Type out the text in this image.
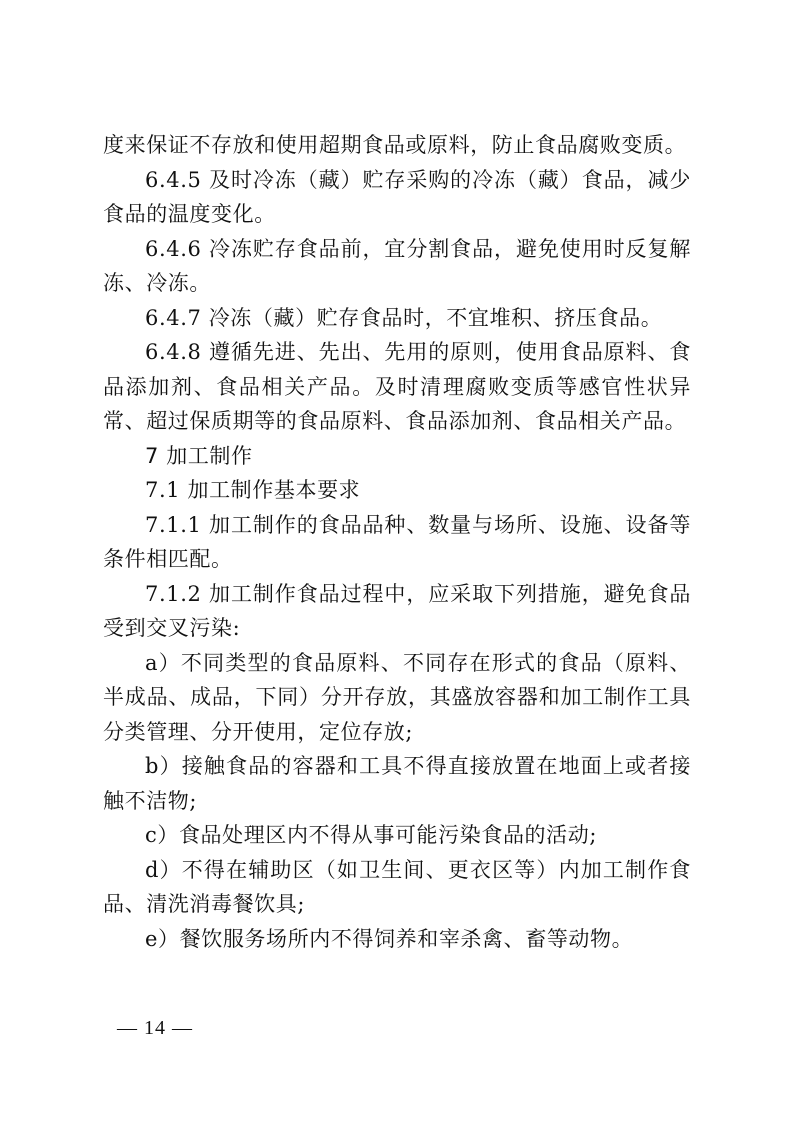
度来保证不存放和使用超期食品或原料，防止食品腐败变质。

6.4.5 及时冷冻（藏）贮存采购的冷冻（藏）食品，减少食品的温度变化。

6.4.6 冷冻贮存食品前，宜分割食品，避免使用时反复解冻、冷冻。

6.4.7 冷冻（藏）贮存食品时，不宜堆积、挤压食品。

6.4.8 遵循先进、先出、先用的原则，使用食品原料、食品添加剂、食品相关产品。及时清理腐败变质等感官性状异常、超过保质期等的食品原料、食品添加剂、食品相关产品。

7 加工制作

7.1 加工制作基本要求

7.1.1 加工制作的食品品种、数量与场所、设施、设备等条件相匹配。

7.1.2 加工制作食品过程中，应采取下列措施，避免食品受到交叉污染:

a）不同类型的食品原料、不同存在形式的食品（原料、半成品、成品，下同）分开存放，其盛放容器和加工制作工具分类管理、分开使用，定位存放;

b）接触食品的容器和工具不得直接放置在地面上或者接触不洁物;

c）食品处理区内不得从事可能污染食品的活动;

d）不得在辅助区（如卫生间、更衣区等）内加工制作食品、清洗消毒餐饮具;

e）餐饮服务场所内不得饲养和宰杀禽、畜等动物。

— 14 —
